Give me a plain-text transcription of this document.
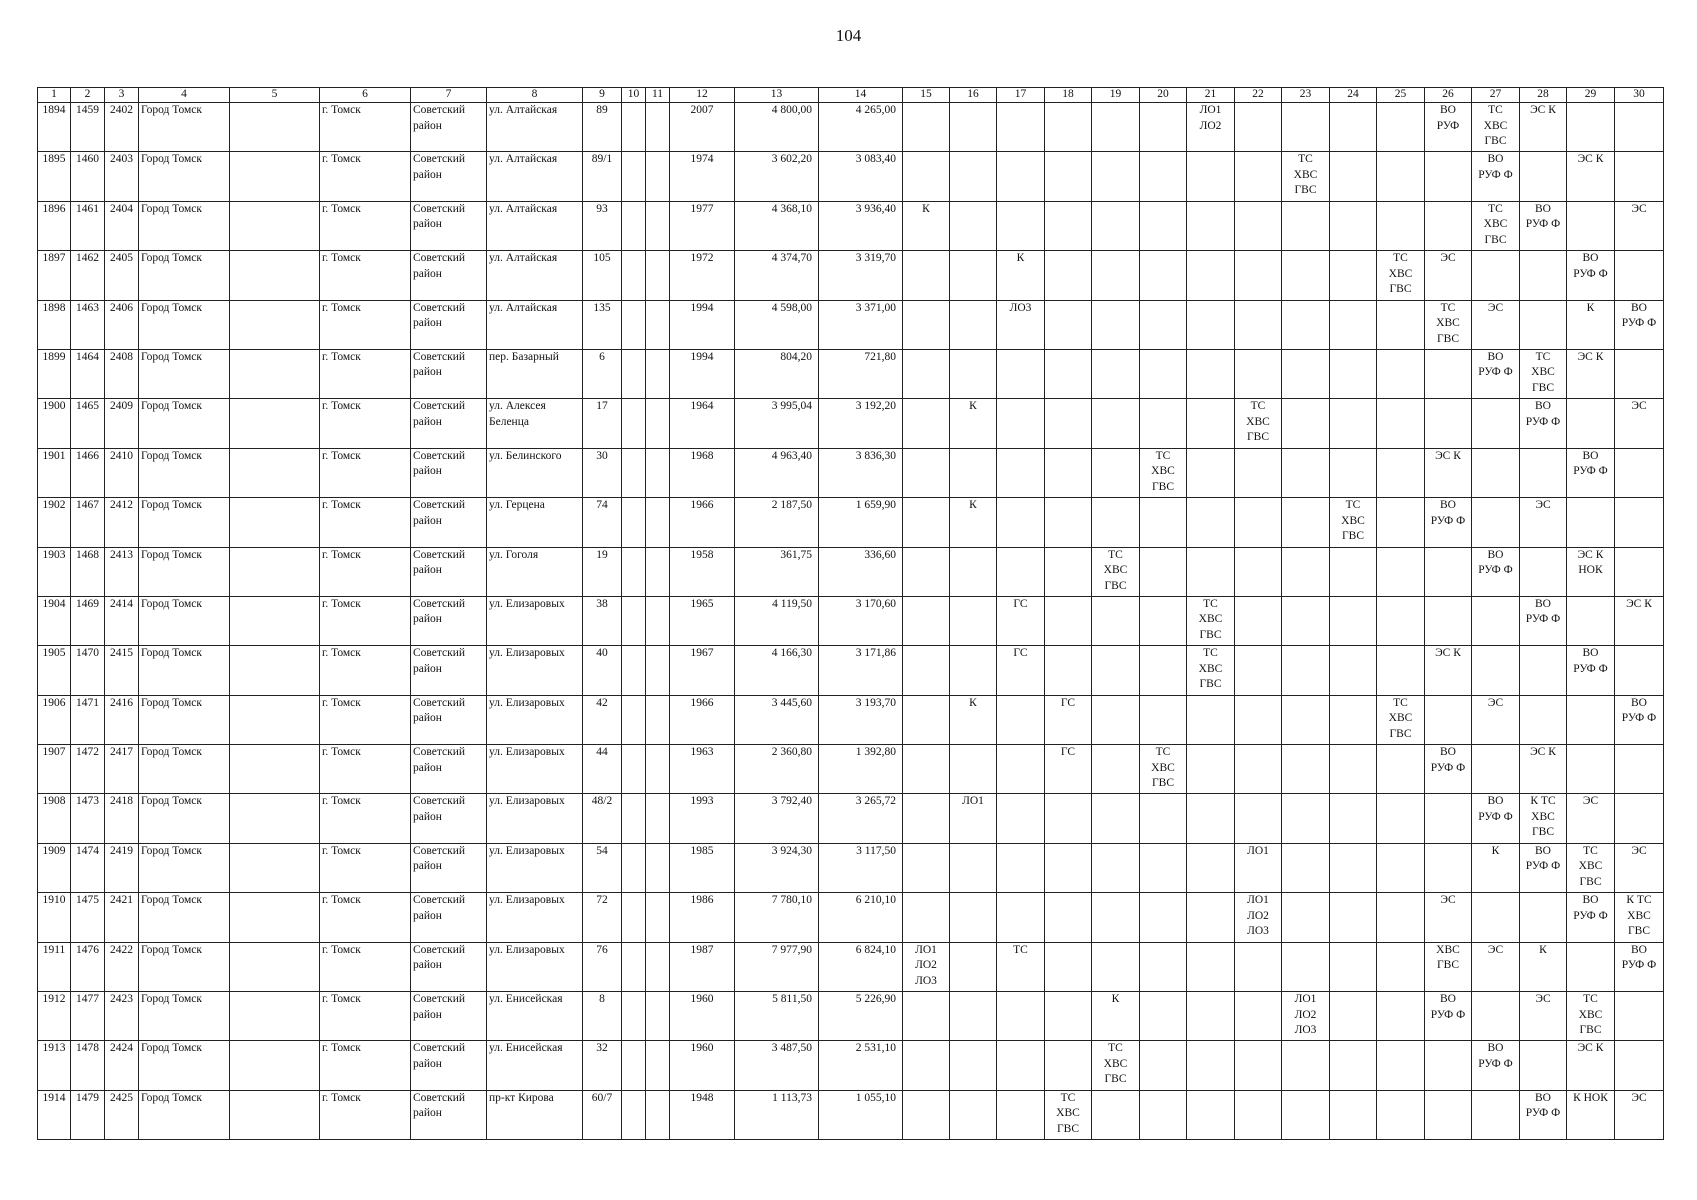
104
1	2	3	4	5	6	7	8	9	10	11	12	13	14	15	16	17	18	19	20	21	22	23	24	25	26	27	28	29	30
1894	1459	2402	Город Томск		г. Томск	Советский
район	ул. Алтайская	89			2007	4 800,00	4 265,00							ЛО1
ЛО2					ВО
РУФ	ТС
ХВС
ГВС	ЭС К		
1895	1460	2403	Город Томск		г. Томск	Советский
район	ул. Алтайская	89/1			1974	3 602,20	3 083,40									ТС
ХВС
ГВС				ВО
РУФ Ф		ЭС К	
1896	1461	2404	Город Томск		г. Томск	Советский
район	ул. Алтайская	93			1977	4 368,10	3 936,40	К												ТС
ХВС
ГВС	ВО
РУФ Ф		ЭС
1897	1462	2405	Город Томск		г. Томск	Советский
район	ул. Алтайская	105			1972	4 374,70	3 319,70			К								ТС
ХВС
ГВС	ЭС			ВО
РУФ Ф	
1898	1463	2406	Город Томск		г. Томск	Советский
район	ул. Алтайская	135			1994	4 598,00	3 371,00			ЛО3									ТС
ХВС
ГВС	ЭС		К	ВО
РУФ Ф
1899	1464	2408	Город Томск		г. Томск	Советский
район	пер. Базарный	6			1994	804,20	721,80													ВО
РУФ Ф	ТС
ХВС
ГВС	ЭС К	
1900	1465	2409	Город Томск		г. Томск	Советский
район	ул. Алексея
Беленца	17			1964	3 995,04	3 192,20		К						ТС
ХВС
ГВС						ВО
РУФ Ф		ЭС
1901	1466	2410	Город Томск		г. Томск	Советский
район	ул. Белинского	30			1968	4 963,40	3 836,30						ТС
ХВС
ГВС						ЭС К			ВО
РУФ Ф	
1902	1467	2412	Город Томск		г. Томск	Советский
район	ул. Герцена	74			1966	2 187,50	1 659,90		К								ТС
ХВС
ГВС		ВО
РУФ Ф		ЭС		
1903	1468	2413	Город Томск		г. Томск	Советский
район	ул. Гоголя	19			1958	361,75	336,60					ТС
ХВС
ГВС								ВО
РУФ Ф		ЭС К
НОК	
1904	1469	2414	Город Томск		г. Томск	Советский
район	ул. Елизаровых	38			1965	4 119,50	3 170,60			ГС				ТС
ХВС
ГВС							ВО
РУФ Ф		ЭС К
1905	1470	2415	Город Томск		г. Томск	Советский
район	ул. Елизаровых	40			1967	4 166,30	3 171,86			ГС				ТС
ХВС
ГВС					ЭС К			ВО
РУФ Ф	
1906	1471	2416	Город Томск		г. Томск	Советский
район	ул. Елизаровых	42			1966	3 445,60	3 193,70		К		ГС							ТС
ХВС
ГВС		ЭС			ВО
РУФ Ф
1907	1472	2417	Город Томск		г. Томск	Советский
район	ул. Елизаровых	44			1963	2 360,80	1 392,80				ГС		ТС
ХВС
ГВС						ВО
РУФ Ф		ЭС К		
1908	1473	2418	Город Томск		г. Томск	Советский
район	ул. Елизаровых	48/2			1993	3 792,40	3 265,72		ЛО1											ВО
РУФ Ф	К ТС
ХВС
ГВС	ЭС	
1909	1474	2419	Город Томск		г. Томск	Советский
район	ул. Елизаровых	54			1985	3 924,30	3 117,50								ЛО1					К	ВО
РУФ Ф	ТС
ХВС
ГВС	ЭС
1910	1475	2421	Город Томск		г. Томск	Советский
район	ул. Елизаровых	72			1986	7 780,10	6 210,10								ЛО1
ЛО2
ЛО3				ЭС			ВО
РУФ Ф	К ТС
ХВС
ГВС
1911	1476	2422	Город Томск		г. Томск	Советский
район	ул. Елизаровых	76			1987	7 977,90	6 824,10	ЛО1
ЛО2
ЛО3		ТС									ХВС
ГВС	ЭС	К		ВО
РУФ Ф
1912	1477	2423	Город Томск		г. Томск	Советский
район	ул. Енисейская	8			1960	5 811,50	5 226,90					К				ЛО1
ЛО2
ЛО3			ВО
РУФ Ф		ЭС	ТС
ХВС
ГВС	
1913	1478	2424	Город Томск		г. Томск	Советский
район	ул. Енисейская	32			1960	3 487,50	2 531,10					ТС
ХВС
ГВС								ВО
РУФ Ф		ЭС К	
1914	1479	2425	Город Томск		г. Томск	Советский
район	пр-кт Кирова	60/7			1948	1 113,73	1 055,10				ТС
ХВС
ГВС										ВО
РУФ Ф	К НОК	ЭС
